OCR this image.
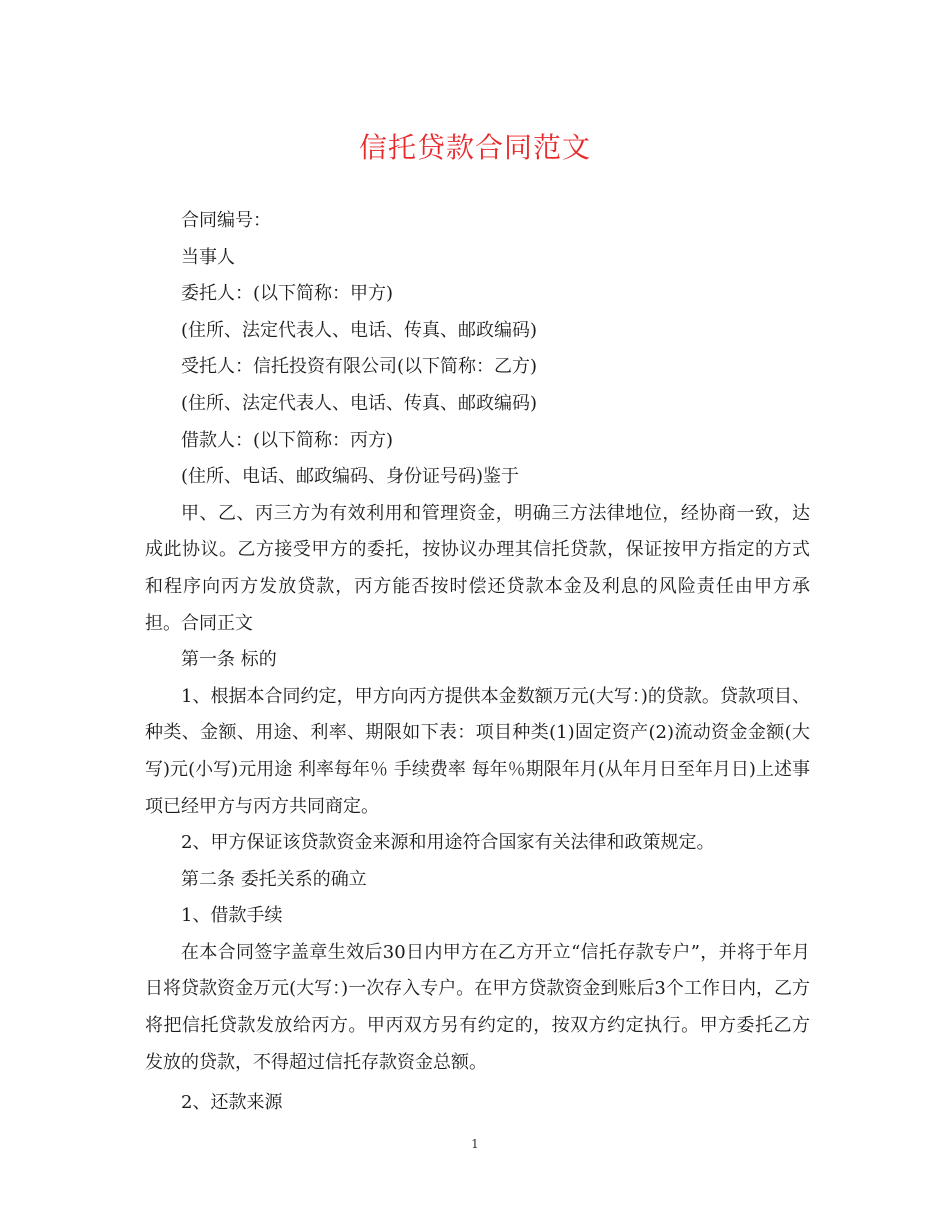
信托贷款合同范文

合同编号：

当事人

委托人：(以下简称：甲方)

(住所、法定代表人、电话、传真、邮政编码)

受托人：信托投资有限公司(以下简称：乙方)

(住所、法定代表人、电话、传真、邮政编码)

借款人：(以下简称：丙方)

(住所、电话、邮政编码、身份证号码)鉴于

甲、乙、丙三方为有效利用和管理资金，明确三方法律地位，经协商一致，达成此协议。乙方接受甲方的委托，按协议办理其信托贷款，保证按甲方指定的方式和程序向丙方发放贷款，丙方能否按时偿还贷款本金及利息的风险责任由甲方承担。合同正文

第一条 标的

1、根据本合同约定，甲方向丙方提供本金数额万元(大写：)的贷款。贷款项目、种类、金额、用途、利率、期限如下表：项目种类(1)固定资产(2)流动资金金额(大写)元(小写)元用途 利率每年％ 手续费率 每年％期限年月(从年月日至年月日)上述事项已经甲方与丙方共同商定。

2、甲方保证该贷款资金来源和用途符合国家有关法律和政策规定。

第二条 委托关系的确立

1、借款手续

在本合同签字盖章生效后30日内甲方在乙方开立“信托存款专户”，并将于年月日将贷款资金万元(大写：)一次存入专户。在甲方贷款资金到账后3个工作日内，乙方将把信托贷款发放给丙方。甲丙双方另有约定的，按双方约定执行。甲方委托乙方发放的贷款，不得超过信托存款资金总额。

2、还款来源

1
